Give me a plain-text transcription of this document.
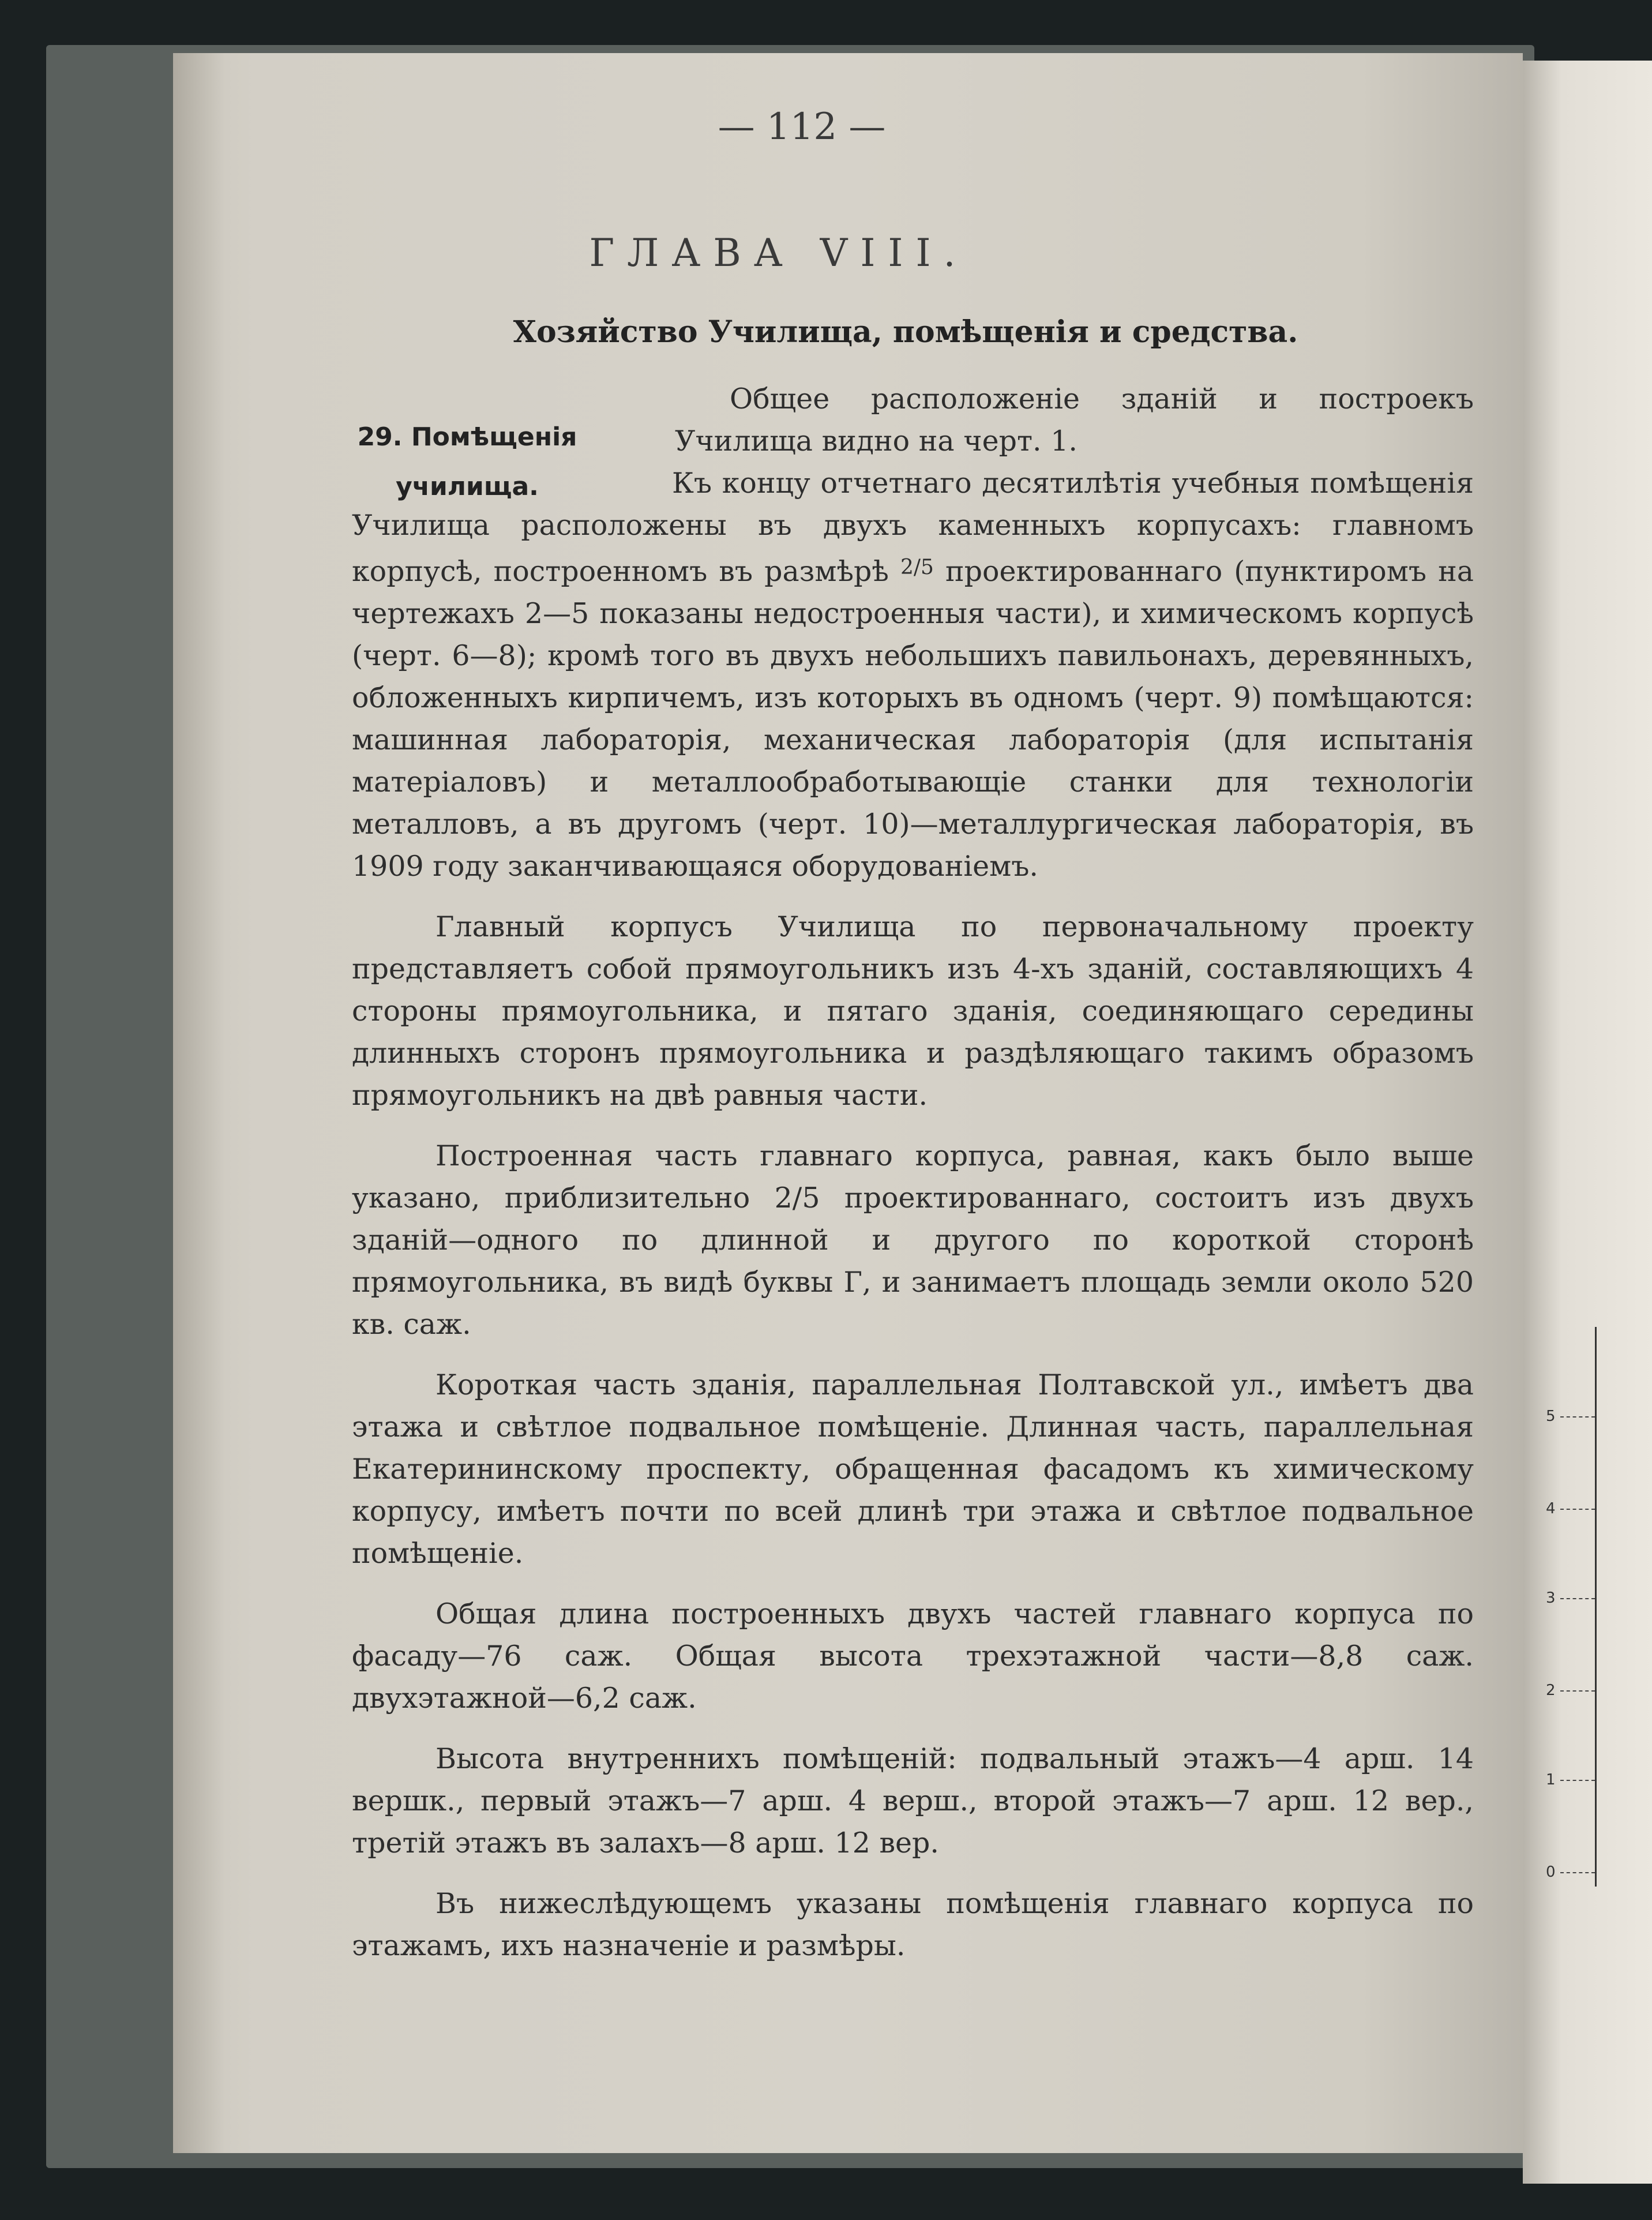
5
4
3
2
1
0
— 112 —
ГЛАВА VIII.
Хозяйство Училища, помѣщенія и средства.
29. Помѣщенія
училища.

Общее расположеніе зданій и построекъ Училища видно на черт. 1.

Къ концу отчетнаго десятилѣтія учебныя помѣщенія Училища расположены въ двухъ каменныхъ корпусахъ: главномъ корпусѣ, построенномъ въ размѣрѣ $^{2/5}$ проектированнаго (пунктиромъ на чертежахъ 2—5 показаны недостроенныя части), и химическомъ корпусѣ (черт. 6—8); кромѣ того въ двухъ небольшихъ павильонахъ, деревянныхъ, обложенныхъ кирпичемъ, изъ которыхъ въ одномъ (черт. 9) помѣщаются: машинная лабораторія, механическая лабораторія (для испытанія матеріаловъ) и металлообработывающіе станки для технологіи металловъ, а въ другомъ (черт. 10)—металлургическая лабораторія, въ 1909 году заканчивающаяся оборудованіемъ.

Главный корпусъ Училища по первоначальному проекту представляетъ собой прямоугольникъ изъ 4-хъ зданій, составляющихъ 4 стороны прямоугольника, и пятаго зданія, соединяющаго середины длинныхъ сторонъ прямоугольника и раздѣляющаго такимъ образомъ прямоугольникъ на двѣ равныя части.

Построенная часть главнаго корпуса, равная, какъ было выше указано, приблизительно 2/5 проектированнаго, состоитъ изъ двухъ зданій—одного по длинной и другого по короткой сторонѣ прямоугольника, въ видѣ буквы Г, и занимаетъ площадь земли около 520 кв. саж.

Короткая часть зданія, параллельная Полтавской ул., имѣетъ два этажа и свѣтлое подвальное помѣщеніе. Длинная часть, параллельная Екатерининскому проспекту, обращенная фасадомъ къ химическому корпусу, имѣетъ почти по всей длинѣ три этажа и свѣтлое подвальное помѣщеніе.

Общая длина построенныхъ двухъ частей главнаго корпуса по фасаду—76 саж. Общая высота трехэтажной части—8,8 саж. двухэтажной—6,2 саж.

Высота внутреннихъ помѣщеній: подвальный этажъ—4 арш. 14 вершк., первый этажъ—7 арш. 4 верш., второй этажъ—7 арш. 12 вер., третій этажъ въ залахъ—8 арш. 12 вер.

Въ нижеслѣдующемъ указаны помѣщенія главнаго корпуса по этажамъ, ихъ назначеніе и размѣры.
